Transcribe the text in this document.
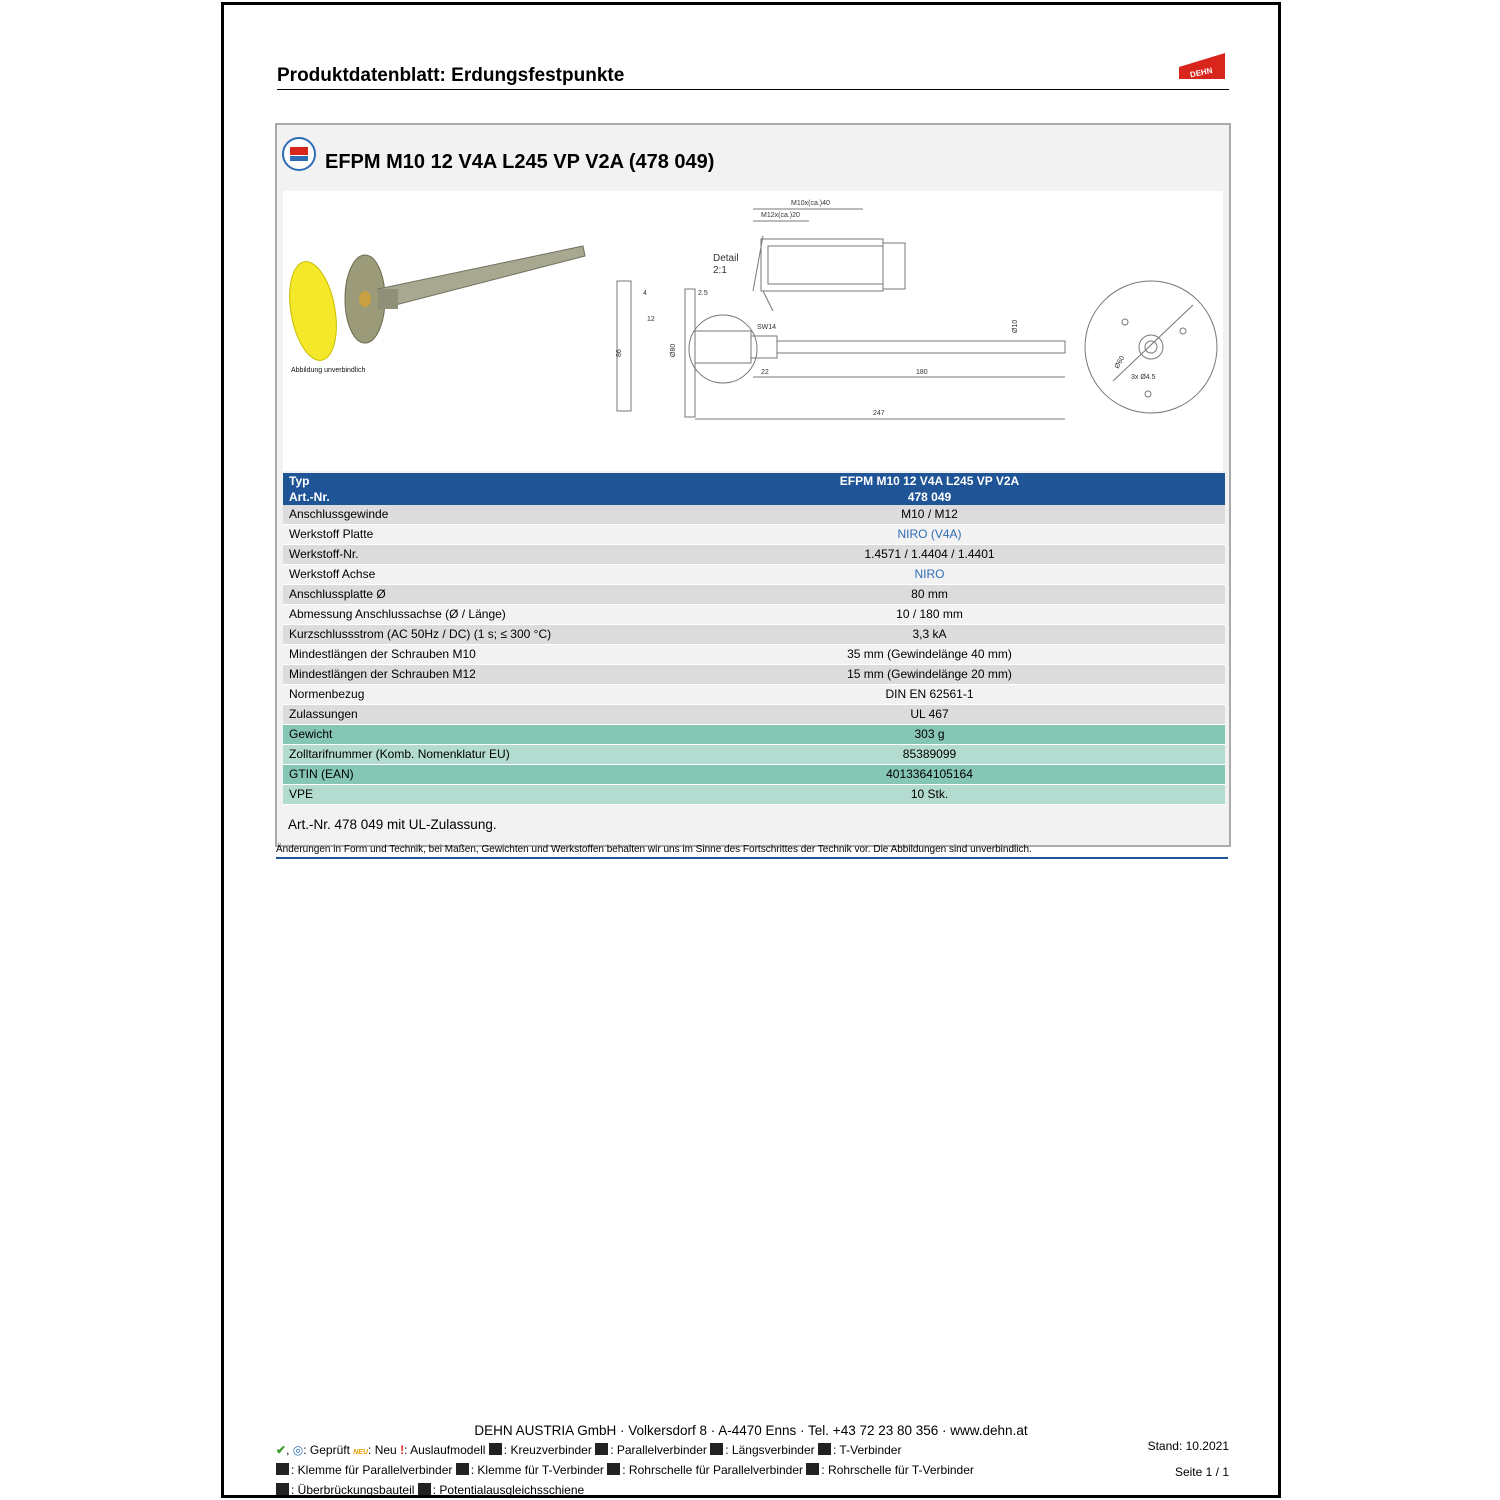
Produktdatenblatt: Erdungsfestpunkte	DEHN
EFPM M10 12 V4A L245 VP V2A (478 049)
Abbildung unverbindlich
Detail
2:1
M10x(ca.)40
M12x(ca.)20
4	2.5
12
SW14	Ø10
86	Ø80
22	180
247
Ø60
3x Ø4.5
Typ	EFPM M10 12 V4A L245 VP V2A
Art.-Nr.	478 049
Anschlussgewinde	M10 / M12
Werkstoff Platte	NIRO (V4A)
Werkstoff-Nr.	1.4571 / 1.4404 / 1.4401
Werkstoff Achse	NIRO
Anschlussplatte Ø	80 mm
Abmessung Anschlussachse (Ø / Länge)	10 / 180 mm
Kurzschlussstrom (AC 50Hz / DC) (1 s; ≤ 300 °C)	3,3 kA
Mindestlängen der Schrauben M10	35 mm (Gewindelänge 40 mm)
Mindestlängen der Schrauben M12	15 mm (Gewindelänge 20 mm)
Normenbezug	DIN EN 62561-1
Zulassungen	UL 467
Gewicht	303 g
Zolltarifnummer (Komb. Nomenklatur EU)	85389099
GTIN (EAN)	4013364105164
VPE	10 Stk.
Art.-Nr. 478 049 mit UL-Zulassung.
Änderungen in Form und Technik, bei Maßen, Gewichten und Werkstoffen behalten wir uns im Sinne des Fortschrittes der Technik vor. Die Abbildungen sind unverbindlich.
DEHN AUSTRIA GmbH · Volkersdorf 8 · A-4470 Enns · Tel. +43 72 23 80 356 · www.dehn.at
Stand: 10.2021
Seite 1 / 1
✔, ◎: Geprüft NEU: Neu !: Auslaufmodell : Kreuzverbinder : Parallelverbinder : Längsverbinder : T-Verbinder
: Klemme für Parallelverbinder : Klemme für T-Verbinder : Rohrschelle für Parallelverbinder : Rohrschelle für T-Verbinder
: Überbrückungsbauteil : Potentialausgleichsschiene
